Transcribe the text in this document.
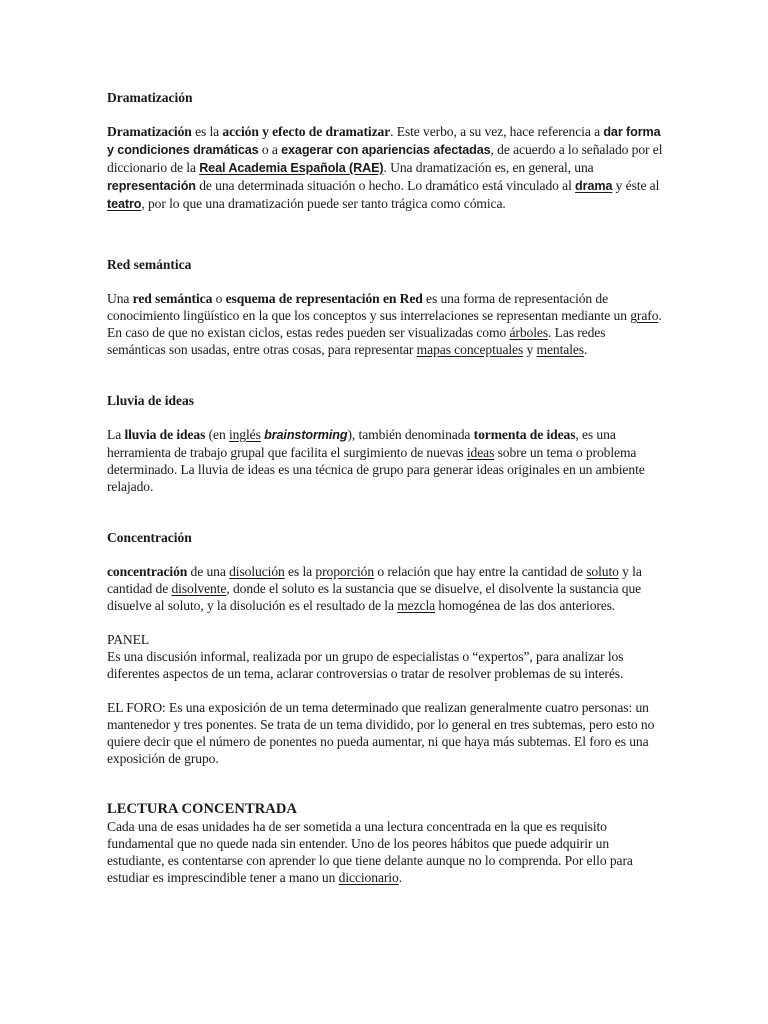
Dramatización

Dramatización es la acción y efecto de dramatizar. Este verbo, a su vez, hace referencia a dar forma y condiciones dramáticas o a exagerar con apariencias afectadas, de acuerdo a lo señalado por el diccionario de la Real Academia Española (RAE). Una dramatización es, en general, una representación de una determinada situación o hecho. Lo dramático está vinculado al drama y éste al teatro, por lo que una dramatización puede ser tanto trágica como cómica.

Red semántica

Una red semántica o esquema de representación en Red es una forma de representación de conocimiento lingüístico en la que los conceptos y sus interrelaciones se representan mediante un grafo. En caso de que no existan ciclos, estas redes pueden ser visualizadas como árboles. Las redes semánticas son usadas, entre otras cosas, para representar mapas conceptuales y mentales.

Lluvia de ideas

La lluvia de ideas (en inglés brainstorming), también denominada tormenta de ideas, es una herramienta de trabajo grupal que facilita el surgimiento de nuevas ideas sobre un tema o problema determinado. La lluvia de ideas es una técnica de grupo para generar ideas originales en un ambiente relajado.

Concentración

concentración de una disolución es la proporción o relación que hay entre la cantidad de soluto y la cantidad de disolvente, donde el soluto es la sustancia que se disuelve, el disolvente la sustancia que disuelve al soluto, y la disolución es el resultado de la mezcla homogénea de las dos anteriores.

PANEL
Es una discusión informal, realizada por un grupo de especialistas o “expertos”, para analizar los diferentes aspectos de un tema, aclarar controversias o tratar de resolver problemas de su interés.

EL FORO: Es una exposición de un tema determinado que realizan generalmente cuatro personas: un mantenedor y tres ponentes. Se trata de un tema dividido, por lo general en tres subtemas, pero esto no quiere decir que el número de ponentes no pueda aumentar, ni que haya más subtemas. El foro es una exposición de grupo.

LECTURA CONCENTRADA
Cada una de esas unidades ha de ser sometida a una lectura concentrada en la que es requisito fundamental que no quede nada sin entender. Uno de los peores hábitos que puede adquirir un estudiante, es contentarse con aprender lo que tiene delante aunque no lo comprenda. Por ello para estudiar es imprescindible tener a mano un diccionario.
